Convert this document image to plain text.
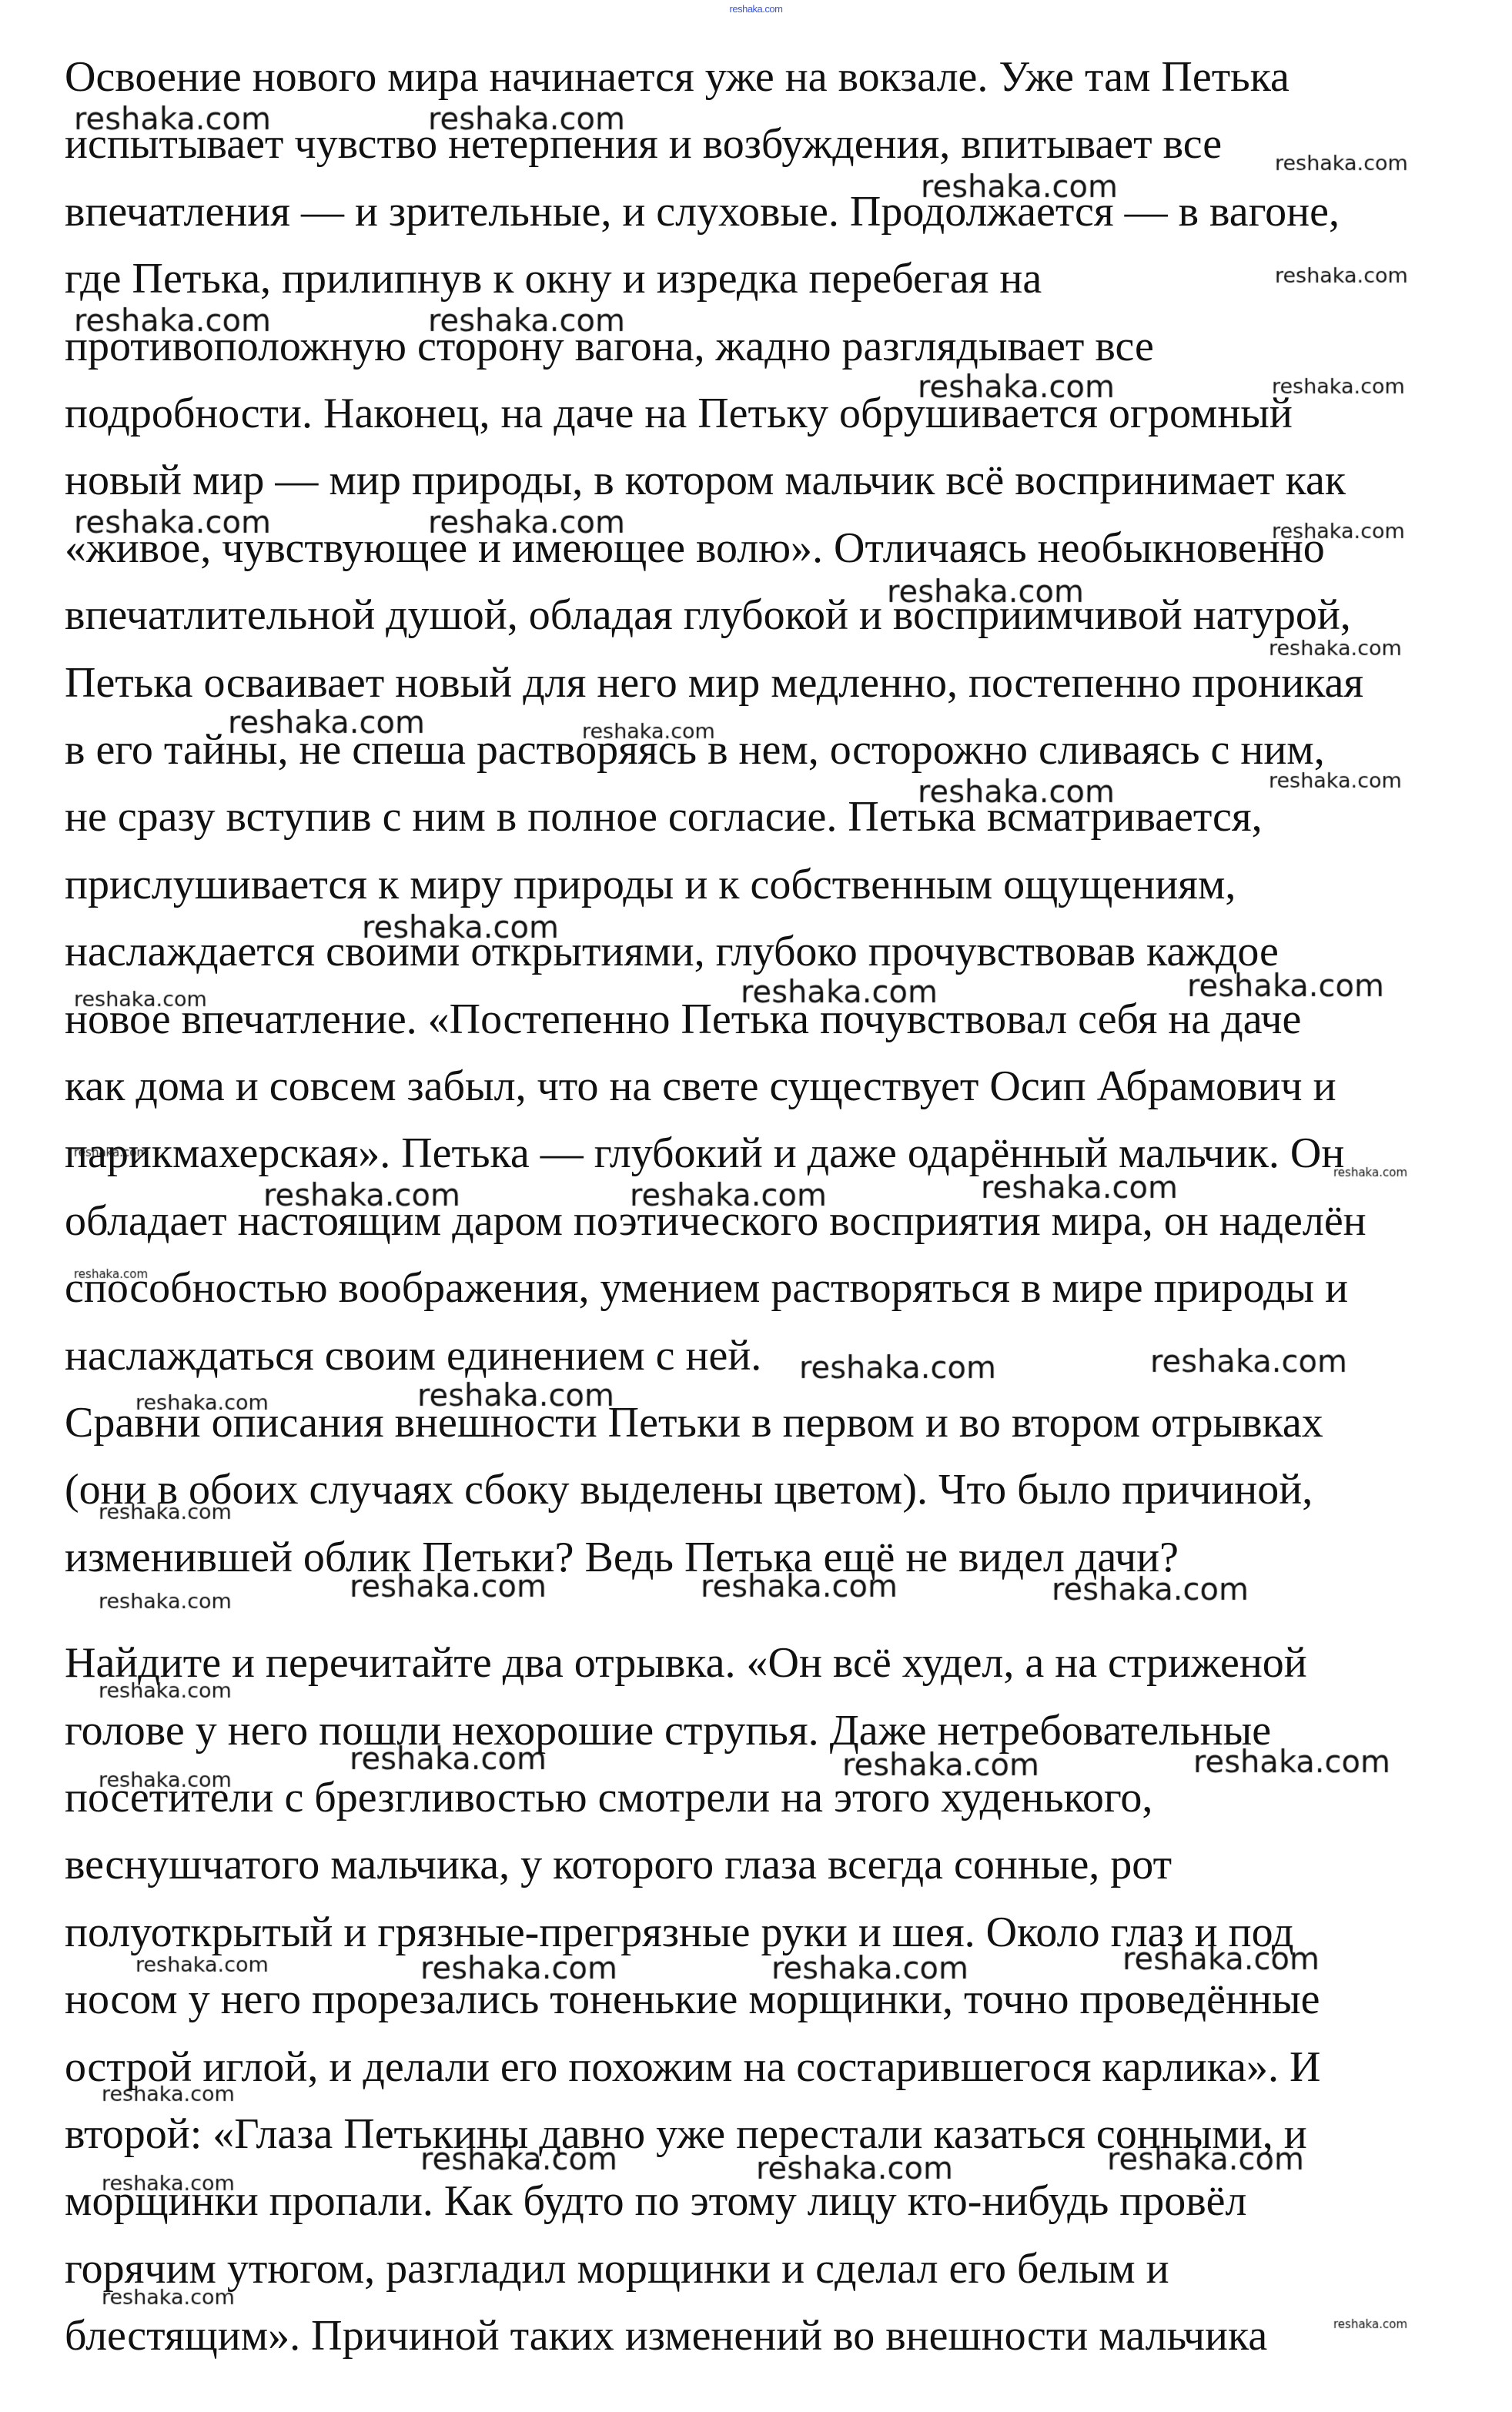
reshaka.com
Освоение нового мира начинается уже на вокзале. Уже там Петька
испытывает чувство нетерпения и возбуждения, впитывает все
впечатления — и зрительные, и слуховые. Продолжается — в вагоне,
где Петька, прилипнув к окну и изредка перебегая на
противоположную сторону вагона, жадно разглядывает все
подробности. Наконец, на даче на Петьку обрушивается огромный
новый мир — мир природы, в котором мальчик всё воспринимает как
«живое, чувствующее и имеющее волю». Отличаясь необыкновенно
впечатлительной душой, обладая глубокой и восприимчивой натурой,
Петька осваивает новый для него мир медленно, постепенно проникая
в его тайны, не спеша растворяясь в нем, осторожно сливаясь с ним,
не сразу вступив с ним в полное согласие. Петька всматривается,
прислушивается к миру природы и к собственным ощущениям,
наслаждается своими открытиями, глубоко прочувствовав каждое
новое впечатление. «Постепенно Петька почувствовал себя на даче
как дома и совсем забыл, что на свете существует Осип Абрамович и
парикмахерская». Петька — глубокий и даже одарённый мальчик. Он
обладает настоящим даром поэтического восприятия мира, он наделён
способностью воображения, умением растворяться в мире природы и
наслаждаться своим единением с ней.
Сравни описания внешности Петьки в первом и во втором отрывках
(они в обоих случаях сбоку выделены цветом). Что было причиной,
изменившей облик Петьки? Ведь Петька ещё не видел дачи?
Найдите и перечитайте два отрывка. «Он всё худел, а на стриженой
голове у него пошли нехорошие струпья. Даже нетребовательные
посетители с брезгливостью смотрели на этого худенького,
веснушчатого мальчика, у которого глаза всегда сонные, рот
полуоткрытый и грязные-прегрязные руки и шея. Около глаз и под
носом у него прорезались тоненькие морщинки, точно проведённые
острой иглой, и делали его похожим на состарившегося карлика». И
второй: «Глаза Петькины давно уже перестали казаться сонными, и
морщинки пропали. Как будто по этому лицу кто-нибудь провёл
горячим утюгом, разгладил морщинки и сделал его белым и
блестящим». Причиной таких изменений во внешности мальчика
